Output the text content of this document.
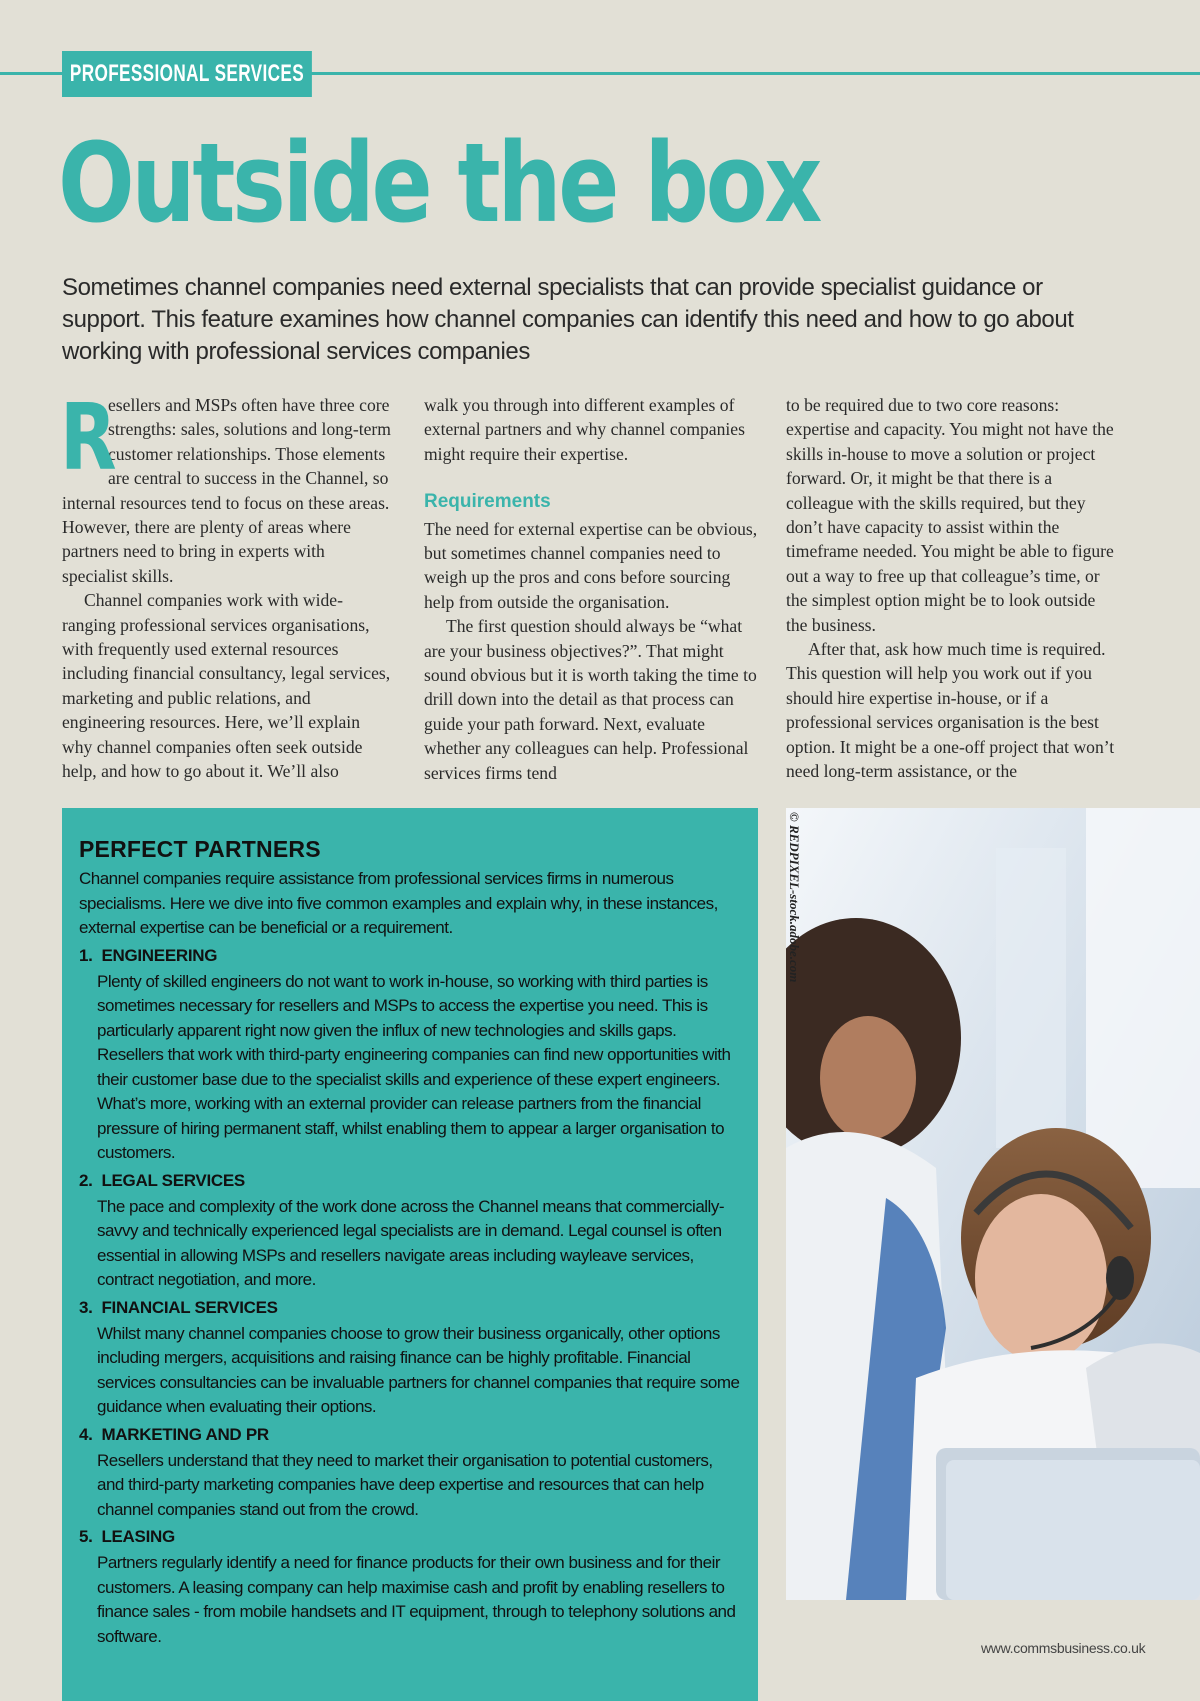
PROFESSIONAL SERVICES
Outside the box

Sometimes channel companies need external specialists that can provide specialist guidance or support. This feature examines how channel companies can identify this need and how to go about working with professional services companies

R
esellers and MSPs often have three core strengths: sales, solutions and long-term customer relationships. Those elements are central to success in the Channel, so internal resources tend to focus on these areas. However, there are plenty of areas where partners need to bring in experts with specialist skills.

Channel companies work with wide-ranging professional services organisations, with frequently used external resources including financial consultancy, legal services, marketing and public relations, and engineering resources. Here, we’ll explain why channel companies often seek outside help, and how to go about it. We’ll also

walk you through into different examples of external partners and why channel companies might require their expertise.

Requirements

The need for external expertise can be obvious, but sometimes channel companies need to weigh up the pros and cons before sourcing help from outside the organisation.

The first question should always be “what are your business objectives?”. That might sound obvious but it is worth taking the time to drill down into the detail as that process can guide your path forward. Next, evaluate whether any colleagues can help. Professional services firms tend

to be required due to two core reasons: expertise and capacity. You might not have the skills in-house to move a solution or project forward. Or, it might be that there is a colleague with the skills required, but they don’t have capacity to assist within the timeframe needed. You might be able to figure out a way to free up that colleague’s time, or the simplest option might be to look outside the business.

After that, ask how much time is required. This question will help you work out if you should hire expertise in-house, or if a professional services organisation is the best option. It might be a one-off project that won’t need long-term assistance, or the

PERFECT PARTNERS

Channel companies require assistance from professional services firms in numerous specialisms. Here we dive into five common examples and explain why, in these instances, external expertise can be beneficial or a requirement.

1. ENGINEERING

Plenty of skilled engineers do not want to work in-house, so working with third parties is sometimes necessary for resellers and MSPs to access the expertise you need. This is particularly apparent right now given the influx of new technologies and skills gaps. Resellers that work with third-party engineering companies can find new opportunities with their customer base due to the specialist skills and experience of these expert engineers. What’s more, working with an external provider can release partners from the financial pressure of hiring permanent staff, whilst enabling them to appear a larger organisation to customers.

2. LEGAL SERVICES

The pace and complexity of the work done across the Channel means that commercially-savvy and technically experienced legal specialists are in demand. Legal counsel is often essential in allowing MSPs and resellers navigate areas including wayleave services, contract negotiation, and more.

3. FINANCIAL SERVICES

Whilst many channel companies choose to grow their business organically, other options including mergers, acquisitions and raising finance can be highly profitable. Financial services consultancies can be invaluable partners for channel companies that require some guidance when evaluating their options.

4. MARKETING AND PR

Resellers understand that they need to market their organisation to potential customers, and third-party marketing companies have deep expertise and resources that can help channel companies stand out from the crowd.

5. LEASING

Partners regularly identify a need for finance products for their own business and for their customers. A leasing company can help maximise cash and profit by enabling resellers to finance sales - from mobile handsets and IT equipment, through to telephony solutions and software.

© REDPIXEL-stock.adobe.com
www.commsbusiness.co.uk
